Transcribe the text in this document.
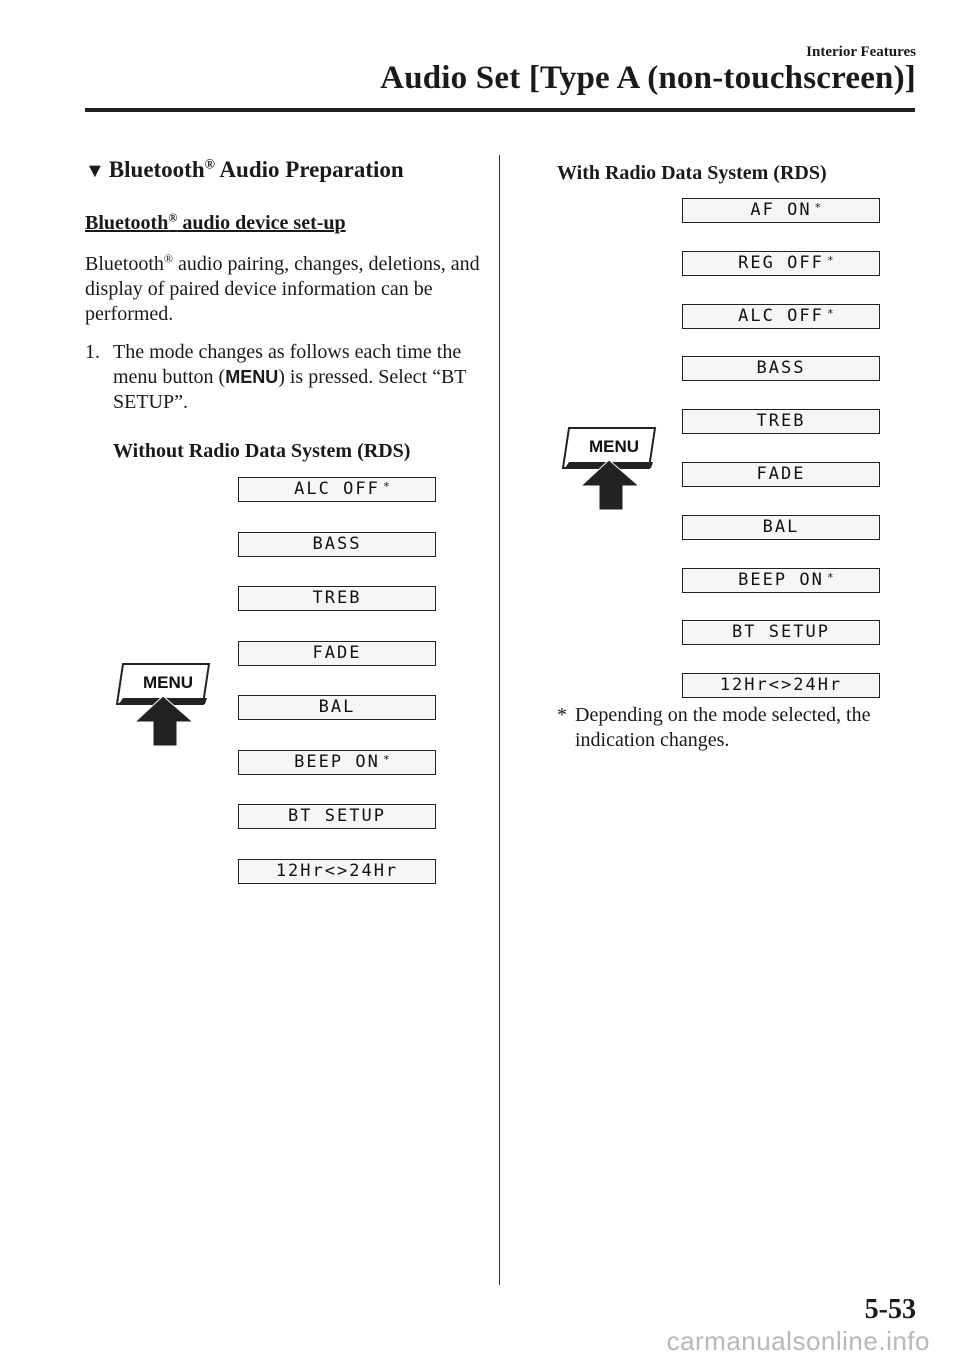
Interior Features
Audio Set [Type A (non-touchscreen)]
▼ Bluetooth® Audio Preparation
Bluetooth® audio device set-up
Bluetooth® audio pairing, changes, deletions, and display of paired device information can be performed.
1. The mode changes as follows each time the menu button (MENU) is pressed. Select “BT SETUP”.
Without Radio Data System (RDS)
With Radio Data System (RDS)
ALC OFF *
BASS
TREB
FADE
BAL
BEEP ON *
BT SETUP
12Hr<>24Hr
AF ON *
REG OFF *
ALC OFF *
BASS
TREB
FADE
BAL
BEEP ON *
BT SETUP
12Hr<>24Hr
MENU
MENU
* Depending on the mode selected, the indication changes.
5-53
carmanualsonline.info
